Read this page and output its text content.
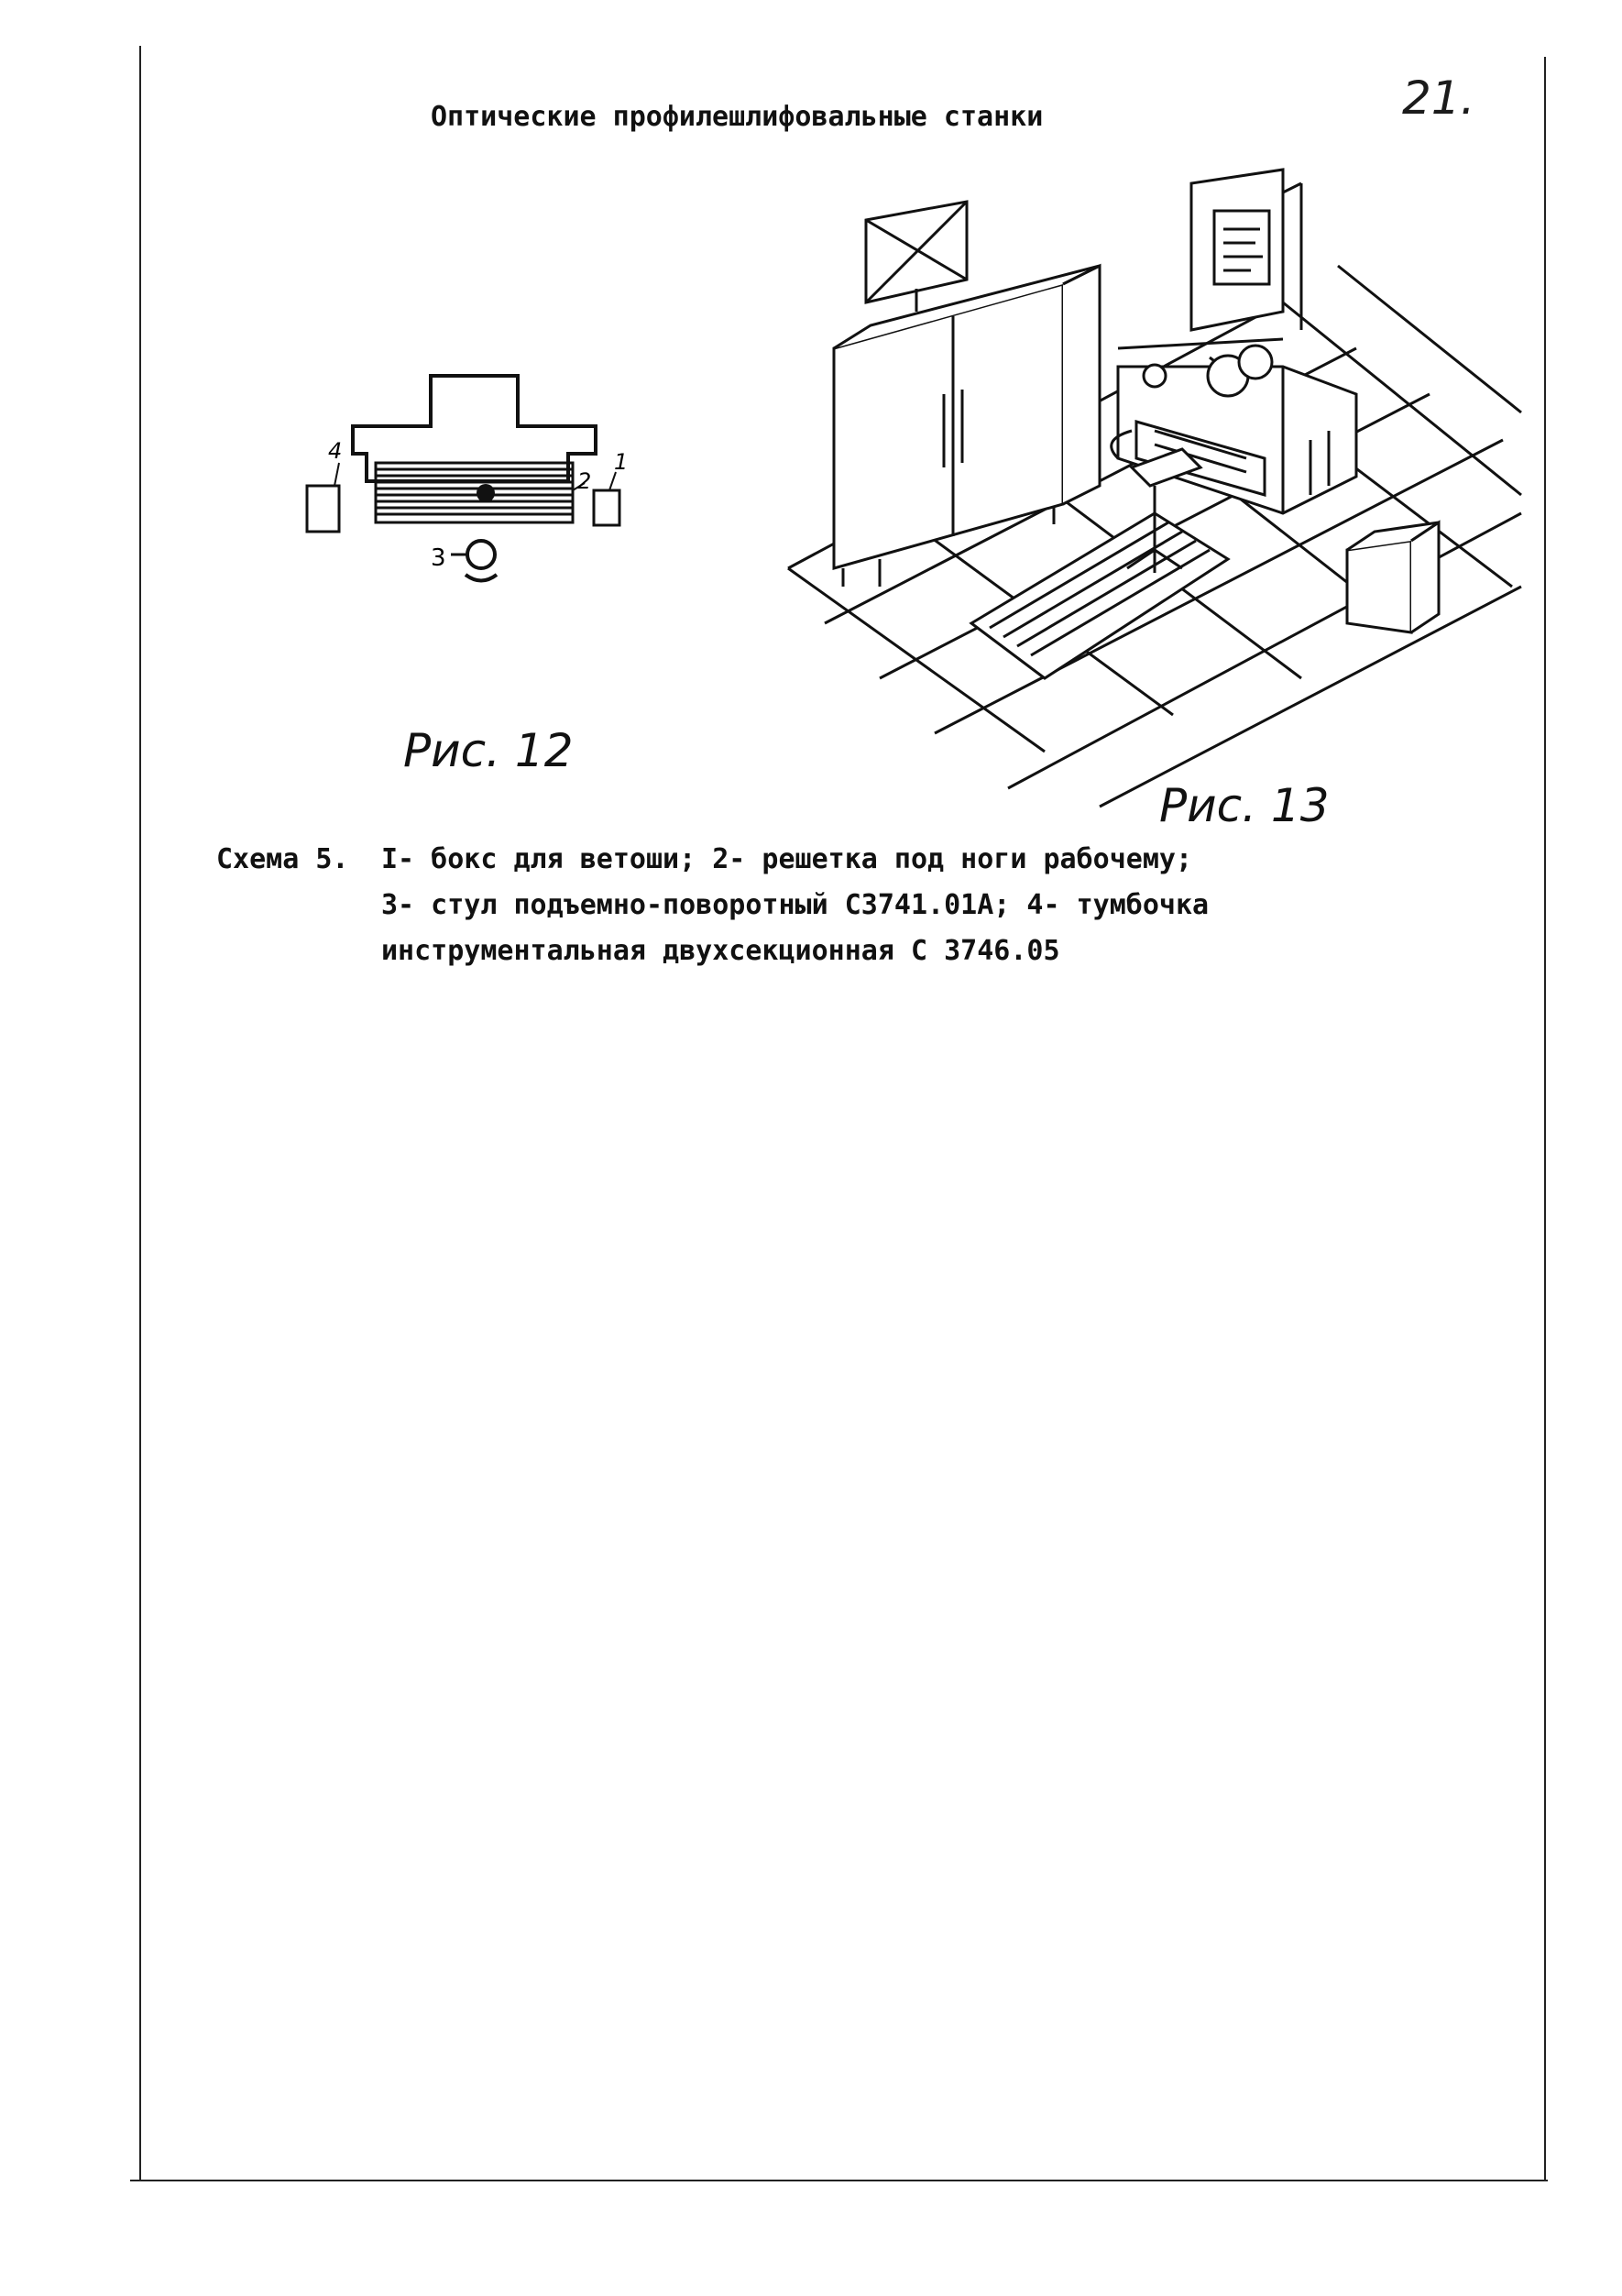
21.
Оптические профилешлифовальные станки
4	1
2
3
Рис. 12
Рис. 13
Схема 5. I- бокс для ветоши; 2- решетка под ноги рабочему;
3- стул подъемно-поворотный С3741.01А; 4- тумбочка
инструментальная двухсекционная С 3746.05
